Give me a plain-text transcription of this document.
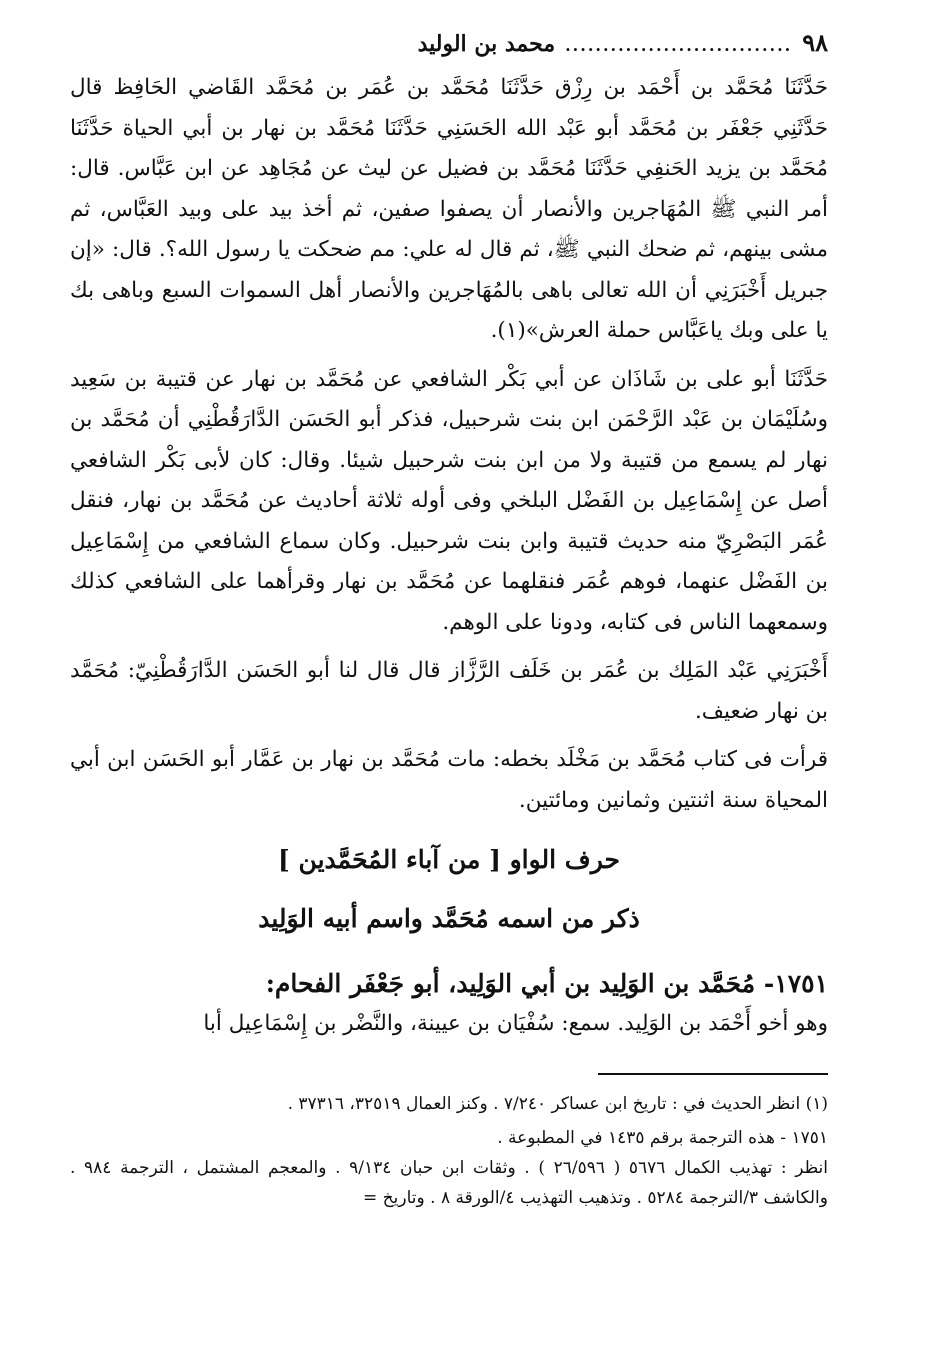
٩٨
..............................
محمد بن الوليد

حَدَّثَنَا مُحَمَّد بن أَحْمَد بن رِزْق حَدَّثَنَا مُحَمَّد بن عُمَر بن مُحَمَّد القَاضي الحَافِظ قال حَدَّثَنِي جَعْفَر بن مُحَمَّد أبو عَبْد الله الحَسَنِي حَدَّثَنَا مُحَمَّد بن نهار بن أبي الحياة حَدَّثَنَا مُحَمَّد بن يزيد الحَنفِي حَدَّثَنَا مُحَمَّد بن فضيل عن ليث عن مُجَاهِد عن ابن عَبَّاس. قال: أمر النبي ﷺ المُهَاجرين والأنصار أن يصفوا صفين، ثم أخذ بيد على وبيد العَبَّاس، ثم مشى بينهم، ثم ضحك النبي ﷺ، ثم قال له علي: مم ضحكت يا رسول الله؟. قال: «إن جبريل أَخْبَرَنِي أن الله تعالى باهى بالمُهَاجرين والأنصار أهل السموات السبع وباهى بك يا على وبك ياعَبَّاس حملة العرش»(١).

حَدَّثَنَا أبو على بن شَاذَان عن أبي بَكْر الشافعي عن مُحَمَّد بن نهار عن قتيبة بن سَعِيد وسُلَيْمَان بن عَبْد الرَّحْمَن ابن بنت شرحبيل، فذكر أبو الحَسَن الدَّارَقُطْنِي أن مُحَمَّد بن نهار لم يسمع من قتيبة ولا من ابن بنت شرحبيل شيئا. وقال: كان لأبى بَكْر الشافعي أصل عن إِسْمَاعِيل بن الفَضْل البلخي وفى أوله ثلاثة أحاديث عن مُحَمَّد بن نهار، فنقل عُمَر البَصْرِيّ منه حديث قتيبة وابن بنت شرحبيل. وكان سماع الشافعي من إِسْمَاعِيل بن الفَضْل عنهما، فوهم عُمَر فنقلهما عن مُحَمَّد بن نهار وقرأهما على الشافعي كذلك وسمعهما الناس فى كتابه، ودونا على الوهم.

أَخْبَرَنِي عَبْد المَلِك بن عُمَر بن خَلَف الرَّزَّاز قال قال لنا أبو الحَسَن الدَّارَقُطْنِيّ: مُحَمَّد بن نهار ضعيف.

قرأت فى كتاب مُحَمَّد بن مَخْلَد بخطه: مات مُحَمَّد بن نهار بن عَمَّار أبو الحَسَن ابن أبي المحياة سنة اثنتين وثمانين ومائتين.

حرف الواو [ من آباء المُحَمَّدين ]
ذكر من اسمه مُحَمَّد واسم أبيه الوَلِيد
١٧٥١- مُحَمَّد بن الوَلِيد بن أبي الوَلِيد، أبو جَعْفَر الفحام:

وهو أخو أَحْمَد بن الوَلِيد. سمع: سُفْيَان بن عيينة، والنَّضْر بن إِسْمَاعِيل أبا

(١) انظر الحديث في : تاريخ ابن عساكر ٧/٢٤٠ . وكنز العمال ٣٢٥١٩، ٣٧٣١٦ .

١٧٥١ - هذه الترجمة برقم ١٤٣٥ في المطبوعة .

انظر : تهذيب الكمال ٥٦٧٦ ( ٢٦/٥٩٦ ) . وثقات ابن حبان ٩/١٣٤ . والمعجم المشتمل ، الترجمة ٩٨٤ . والكاشف ٣/الترجمة ٥٢٨٤ . وتذهيب التهذيب ٤/الورقة ٨ . وتاريخ =
